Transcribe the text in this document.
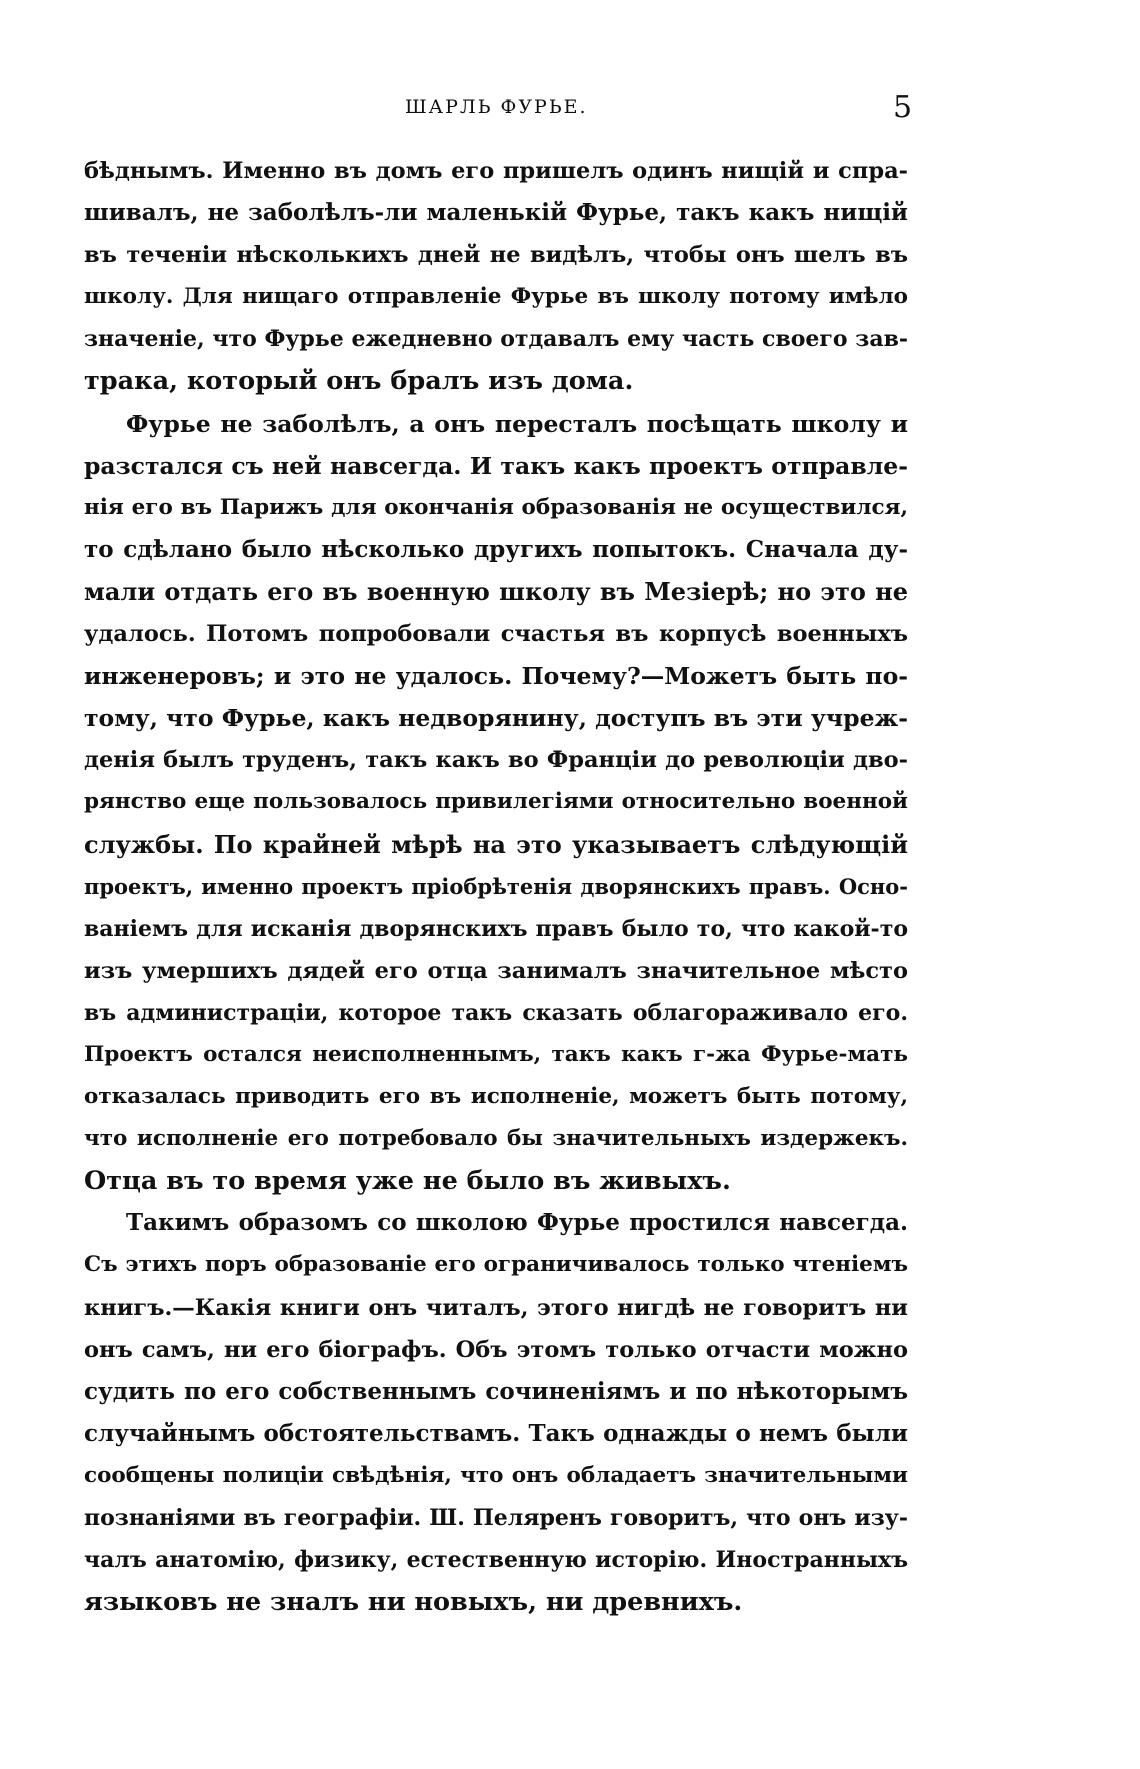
ШАРЛЬ ФУРЬЕ.	5
бѣднымъ. Именно въ домъ его пришелъ одинъ нищій и спра-
шивалъ, не заболѣлъ-ли маленькій Фурье, такъ какъ нищій
въ теченіи нѣсколькихъ дней не видѣлъ, чтобы онъ шелъ въ
школу. Для нищаго отправленіе Фурье въ школу потому имѣло
значеніе, что Фурье ежедневно отдавалъ ему часть своего зав-
трака, который онъ бралъ изъ дома.
Фурье не заболѣлъ, а онъ пересталъ посѣщать школу и
разстался съ ней навсегда. И такъ какъ проектъ отправле-
нія его въ Парижъ для окончанія образованія не осуществился,
то сдѣлано было нѣсколько другихъ попытокъ. Сначала ду-
мали отдать его въ военную школу въ Мезіерѣ; но это не
удалось. Потомъ попробовали счастья въ корпусѣ военныхъ
инженеровъ; и это не удалось. Почему?—Можетъ быть по-
тому, что Фурье, какъ недворянину, доступъ въ эти учреж-
денія былъ труденъ, такъ какъ во Франціи до революціи дво-
рянство еще пользовалось привилегіями относительно военной
службы. По крайней мѣрѣ на это указываетъ слѣдующій
проектъ, именно проектъ пріобрѣтенія дворянскихъ правъ. Осно-
ваніемъ для исканія дворянскихъ правъ было то, что какой-то
изъ умершихъ дядей его отца занималъ значительное мѣсто
въ администраціи, которое такъ сказать облагораживало его.
Проектъ остался неисполненнымъ, такъ какъ г-жа Фурье-мать
отказалась приводить его въ исполненіе, можетъ быть потому,
что исполненіе его потребовало бы значительныхъ издержекъ.
Отца въ то время уже не было въ живыхъ.
Такимъ образомъ со школою Фурье простился навсегда.
Съ этихъ поръ образованіе его ограничивалось только чтеніемъ
книгъ.—Какія книги онъ читалъ, этого нигдѣ не говоритъ ни
онъ самъ, ни его біографъ. Объ этомъ только отчасти можно
судить по его собственнымъ сочиненіямъ и по нѣкоторымъ
случайнымъ обстоятельствамъ. Такъ однажды о немъ были
сообщены полиціи свѣдѣнія, что онъ обладаетъ значительными
познаніями въ географіи. Ш. Пеляренъ говоритъ, что онъ изу-
чалъ анатомію, физику, естественную исторію. Иностранныхъ
языковъ не зналъ ни новыхъ, ни древнихъ.
